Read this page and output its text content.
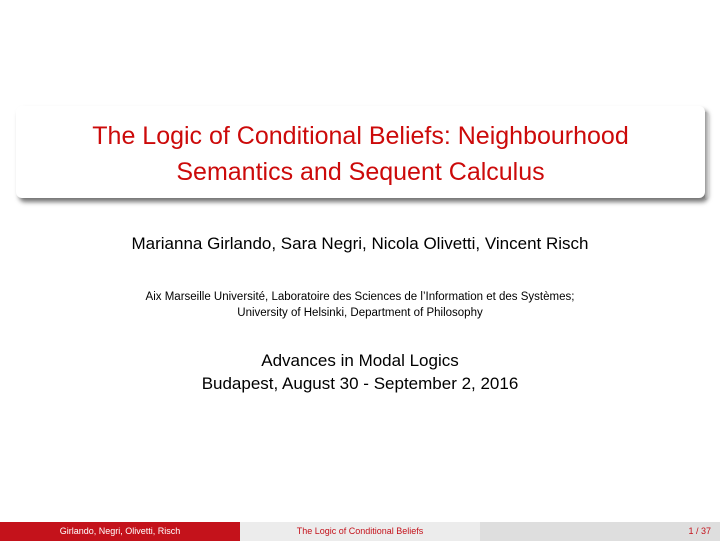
The Logic of Conditional Beliefs: Neighbourhood
Semantics and Sequent Calculus
Marianna Girlando, Sara Negri, Nicola Olivetti, Vincent Risch
Aix Marseille Université, Laboratoire des Sciences de l’Information et des Systèmes;
University of Helsinki, Department of Philosophy
Advances in Modal Logics
Budapest, August 30 - September 2, 2016
Girlando, Negri, Olivetti, Risch	The Logic of Conditional Beliefs	1 / 37
